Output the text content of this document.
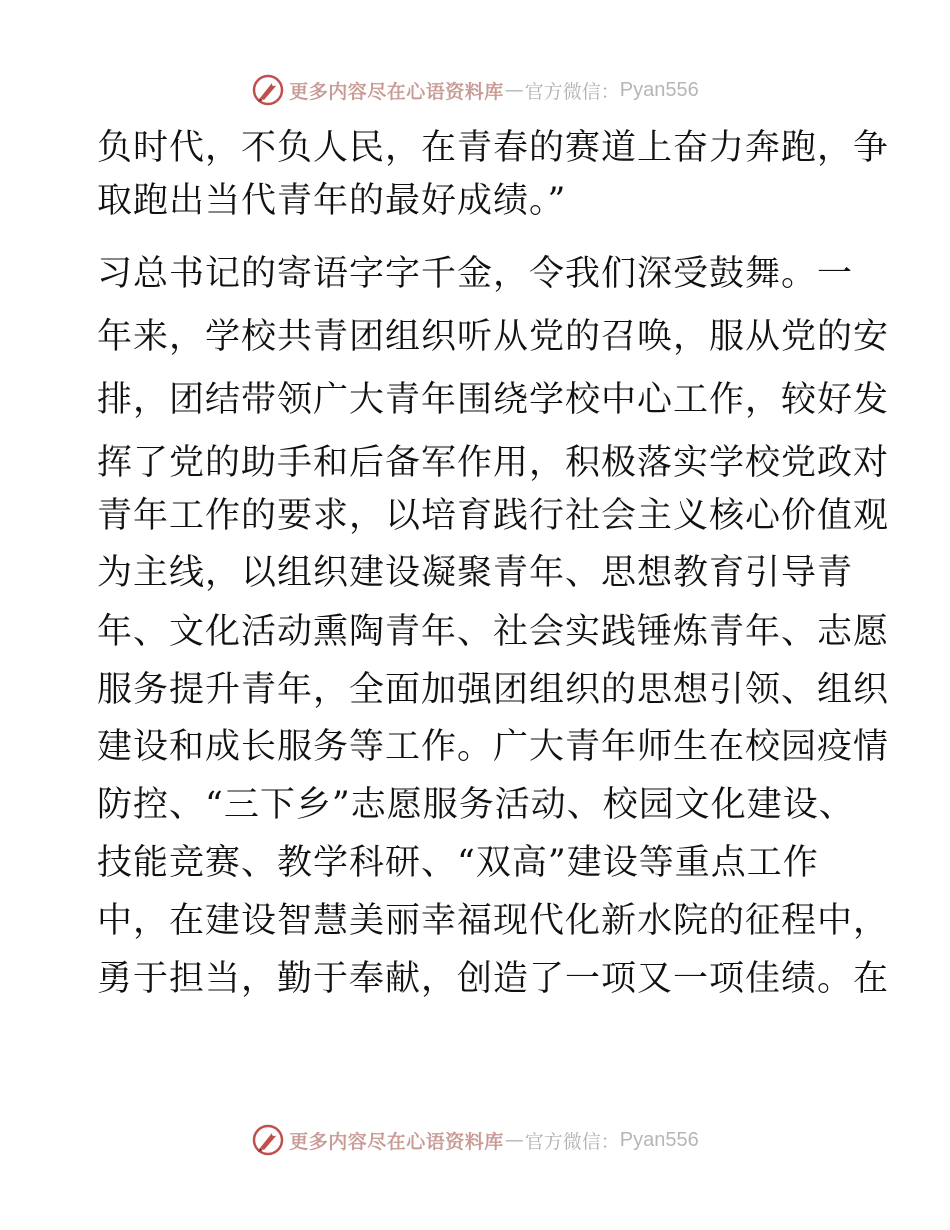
更多内容尽在心语资料库 — 官方微信： Pyan556
负时代，不负人民，在青春的赛道上奋力奔跑，争
取跑出当代青年的最好成绩。”
习总书记的寄语字字千金，令我们深受鼓舞。一
年来，学校共青团组织听从党的召唤，服从党的安
排，团结带领广大青年围绕学校中心工作，较好发
挥了党的助手和后备军作用，积极落实学校党政对
青年工作的要求，以培育践行社会主义核心价值观
为主线，以组织建设凝聚青年、思想教育引导青
年、文化活动熏陶青年、社会实践锤炼青年、志愿
服务提升青年，全面加强团组织的思想引领、组织
建设和成长服务等工作。广大青年师生在校园疫情
防控、“三下乡”志愿服务活动、校园文化建设、
技能竞赛、教学科研、“双高”建设等重点工作
中，在建设智慧美丽幸福现代化新水院的征程中，
勇于担当，勤于奉献，创造了一项又一项佳绩。在
更多内容尽在心语资料库 — 官方微信： Pyan556
